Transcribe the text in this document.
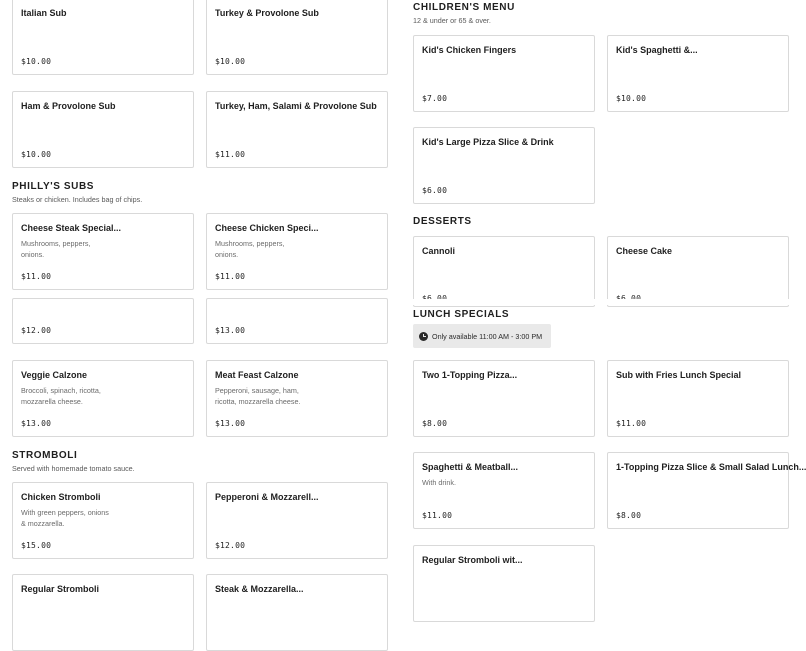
Italian Sub
$10.00
Turkey & Provolone Sub
$10.00
Ham & Provolone Sub
$10.00
Turkey, Ham, Salami & Provolone Sub
$11.00
PHILLY'S SUBS
Steaks or chicken. Includes bag of chips.
Cheese Steak Special...
Mushrooms, peppers,
onions.
$11.00
Cheese Chicken Speci...
Mushrooms, peppers,
onions.
$11.00
$12.00	$13.00
Veggie Calzone
Broccoli, spinach, ricotta,
mozzarella cheese.
$13.00
Meat Feast Calzone
Pepperoni, sausage, ham,
ricotta, mozzarella cheese.
$13.00
STROMBOLI
Served with homemade tomato sauce.
Chicken Stromboli
With green peppers, onions
& mozzarella.
$15.00
Pepperoni & Mozzarell...
$12.00
Regular Stromboli	Steak & Mozzarella...
CHILDREN'S MENU
12 & under or 65 & over.
Kid's Chicken Fingers
$7.00
Kid's Spaghetti &...
$10.00
Kid's Large Pizza Slice & Drink
$6.00
DESSERTS
Cannoli	Cheese Cake
LUNCH SPECIALS
Only available 11:00 AM - 3:00 PM
Two 1-Topping Pizza...
$8.00
Sub with Fries Lunch Special
$11.00
Spaghetti & Meatball...
With drink.
$11.00
1-Topping Pizza Slice & Small Salad Lunch...
$8.00
Regular Stromboli wit...
